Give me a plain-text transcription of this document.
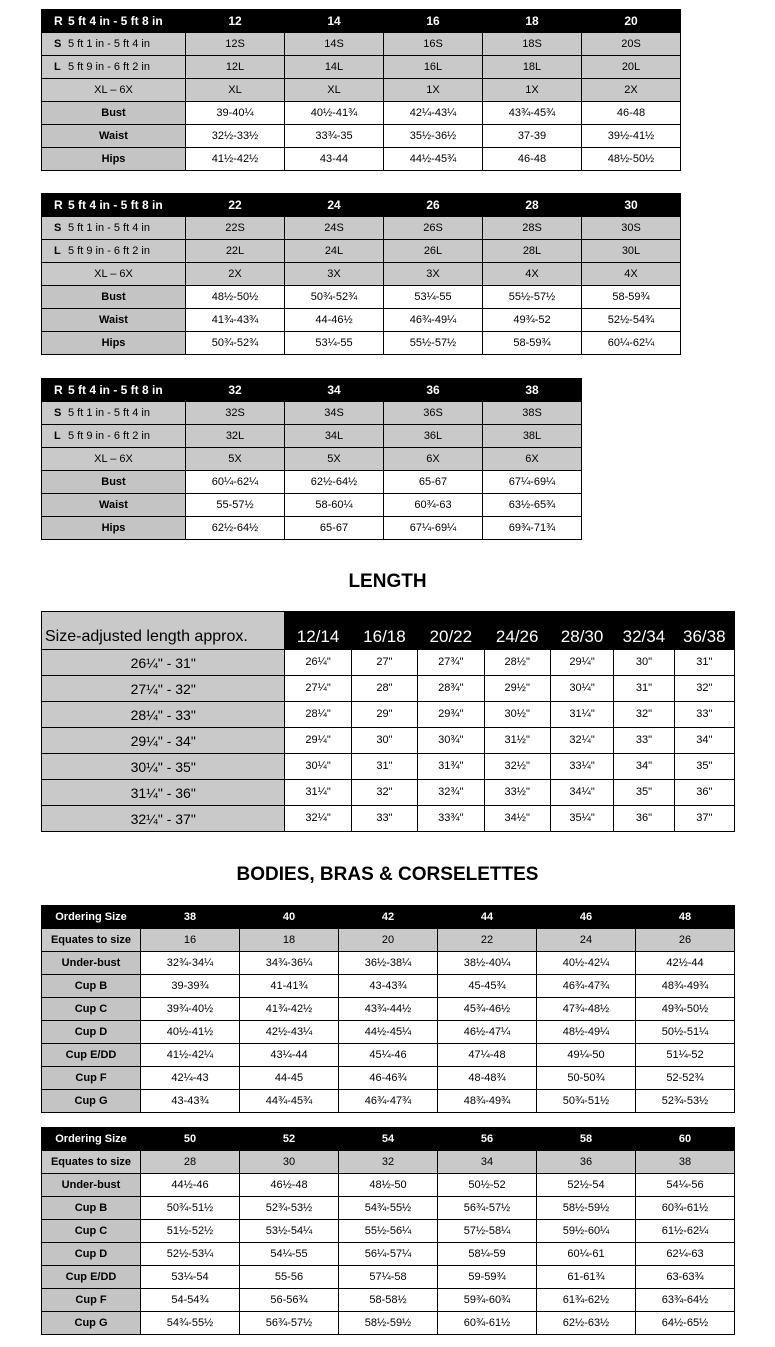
R 5 ft 4 in - 5 ft 8 in	12	14	16	18	20
S 5 ft 1 in - 5 ft 4 in	12S	14S	16S	18S	20S
L 5 ft 9 in - 6 ft 2 in	12L	14L	16L	18L	20L
XL – 6X	XL	XL	1X	1X	2X
Bust	39-40¼	40½-41¾	42¼-43¼	43¾-45¾	46-48
Waist	32½-33½	33¾-35	35½-36½	37-39	39½-41½
Hips	41½-42½	43-44	44½-45¾	46-48	48½-50½
R 5 ft 4 in - 5 ft 8 in	22	24	26	28	30
S 5 ft 1 in - 5 ft 4 in	22S	24S	26S	28S	30S
L 5 ft 9 in - 6 ft 2 in	22L	24L	26L	28L	30L
XL – 6X	2X	3X	3X	4X	4X
Bust	48½-50½	50¾-52¾	53¼-55	55½-57½	58-59¾
Waist	41¾-43¾	44-46½	46¾-49¼	49¾-52	52½-54¾
Hips	50¾-52¾	53¼-55	55½-57½	58-59¾	60¼-62¼
R 5 ft 4 in - 5 ft 8 in	32	34	36	38
S 5 ft 1 in - 5 ft 4 in	32S	34S	36S	38S
L 5 ft 9 in - 6 ft 2 in	32L	34L	36L	38L
XL – 6X	5X	5X	6X	6X
Bust	60¼-62¼	62½-64½	65-67	67¼-69¼
Waist	55-57½	58-60¼	60¾-63	63½-65¾
Hips	62½-64½	65-67	67¼-69¼	69¾-71¾
LENGTH
Size-adjusted length approx.	12/14	16/18	20/22	24/26	28/30	32/34	36/38
26¼" - 31"	26¼"	27"	27¾"	28½"	29¼"	30"	31"
27¼" - 32"	27¼"	28"	28¾"	29½"	30¼"	31"	32"
28¼" - 33"	28¼"	29"	29¾"	30½"	31¼"	32"	33"
29¼" - 34"	29¼"	30"	30¾"	31½"	32¼"	33"	34"
30¼" - 35"	30¼"	31"	31¾"	32½"	33¼"	34"	35"
31¼" - 36"	31¼"	32"	32¾"	33½"	34¼"	35"	36"
32¼" - 37"	32¼"	33"	33¾"	34½"	35¼"	36"	37"
BODIES, BRAS & CORSELETTES
Ordering Size	38	40	42	44	46	48
Equates to size	16	18	20	22	24	26
Under-bust	32¾-34¼	34¾-36¼	36½-38¼	38½-40¼	40½-42¼	42½-44
Cup B	39-39¾	41-41¾	43-43¾	45-45¾	46¾-47¾	48¾-49¾
Cup C	39¾-40½	41¾-42½	43¾-44½	45¾-46½	47¾-48½	49¾-50½
Cup D	40½-41½	42½-43¼	44½-45¼	46½-47¼	48½-49¼	50½-51¼
Cup E/DD	41½-42¼	43¼-44	45¼-46	47¼-48	49¼-50	51¼-52
Cup F	42¼-43	44-45	46-46¾	48-48¾	50-50¾	52-52¾
Cup G	43-43¾	44¾-45¾	46¾-47¾	48¾-49¾	50¾-51½	52¾-53½
Ordering Size	50	52	54	56	58	60
Equates to size	28	30	32	34	36	38
Under-bust	44½-46	46½-48	48½-50	50½-52	52½-54	54¼-56
Cup B	50¾-51½	52¾-53½	54¾-55½	56¾-57½	58½-59½	60¾-61½
Cup C	51½-52½	53½-54¼	55½-56¼	57½-58¼	59½-60¼	61½-62¼
Cup D	52½-53¼	54¼-55	56¼-57¼	58¼-59	60¼-61	62¼-63
Cup E/DD	53¼-54	55-56	57¼-58	59-59¾	61-61¾	63-63¾
Cup F	54-54¾	56-56¾	58-58½	59¾-60¾	61¾-62½	63¾-64½
Cup G	54¾-55½	56¾-57½	58½-59½	60¾-61½	62½-63½	64½-65½
